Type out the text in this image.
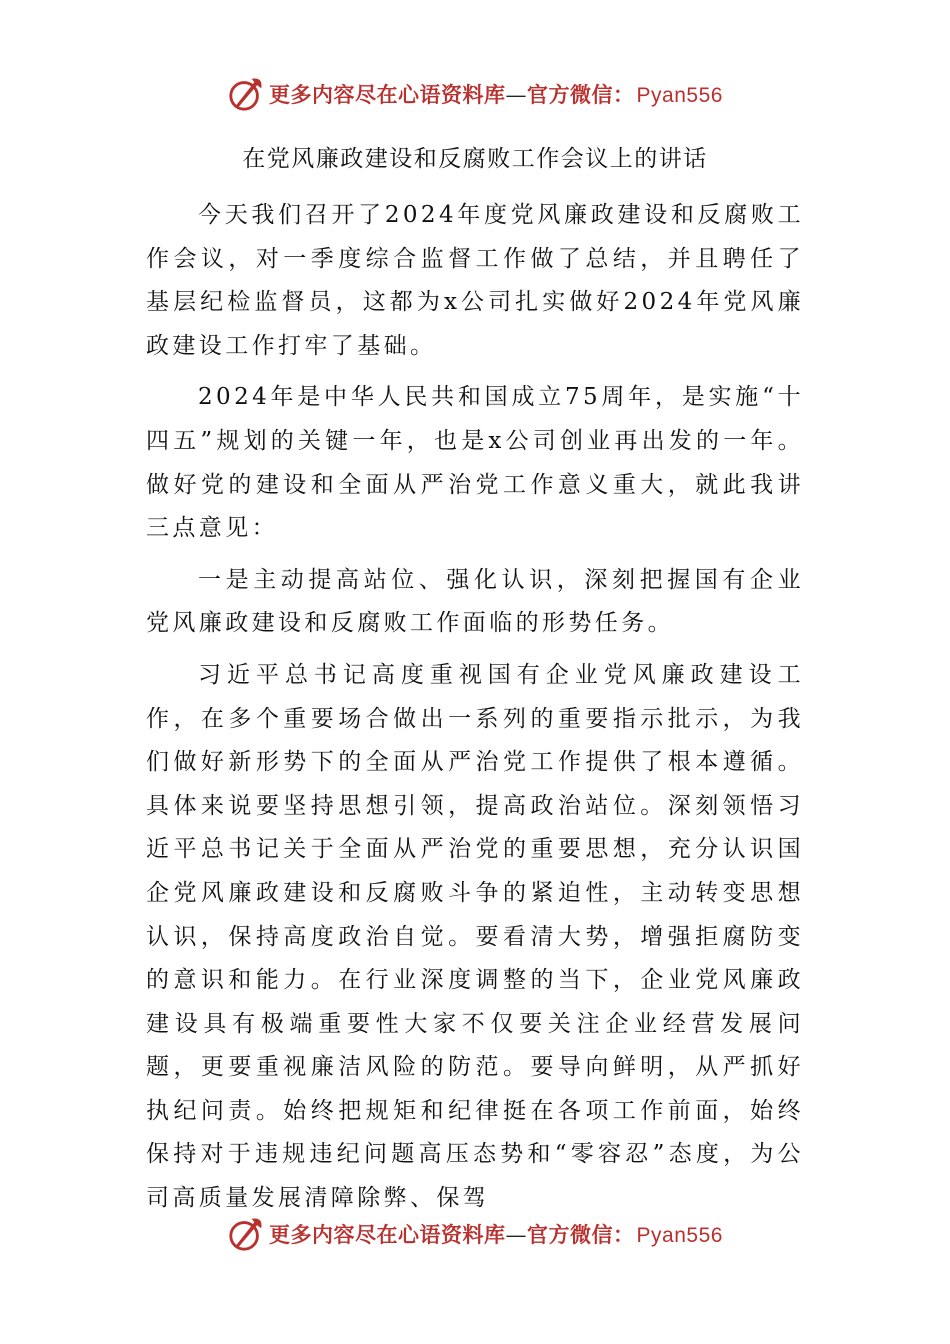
更多内容尽在心语资料库—官方微信：Pyan556
在党风廉政建设和反腐败工作会议上的讲话

今天我们召开了2024年度党风廉政建设和反腐败工作会议，对一季度综合监督工作做了总结，并且聘任了基层纪检监督员，这都为x公司扎实做好2024年党风廉政建设工作打牢了基础。

2024年是中华人民共和国成立75周年，是实施“十四五”规划的关键一年，也是x公司创业再出发的一年。做好党的建设和全面从严治党工作意义重大，就此我讲三点意见：

一是主动提高站位、强化认识，深刻把握国有企业党风廉政建设和反腐败工作面临的形势任务。

习近平总书记高度重视国有企业党风廉政建设工作，在多个重要场合做出一系列的重要指示批示，为我们做好新形势下的全面从严治党工作提供了根本遵循。具体来说要坚持思想引领，提高政治站位。深刻领悟习近平总书记关于全面从严治党的重要思想，充分认识国企党风廉政建设和反腐败斗争的紧迫性，主动转变思想认识，保持高度政治自觉。要看清大势，增强拒腐防变的意识和能力。在行业深度调整的当下，企业党风廉政建设具有极端重要性大家不仅要关注企业经营发展问题，更要重视廉洁风险的防范。要导向鲜明，从严抓好执纪问责。始终把规矩和纪律挺在各项工作前面，始终保持对于违规违纪问题高压态势和“零容忍”态度，为公司高质量发展清障除弊、保驾

更多内容尽在心语资料库—官方微信：Pyan556
